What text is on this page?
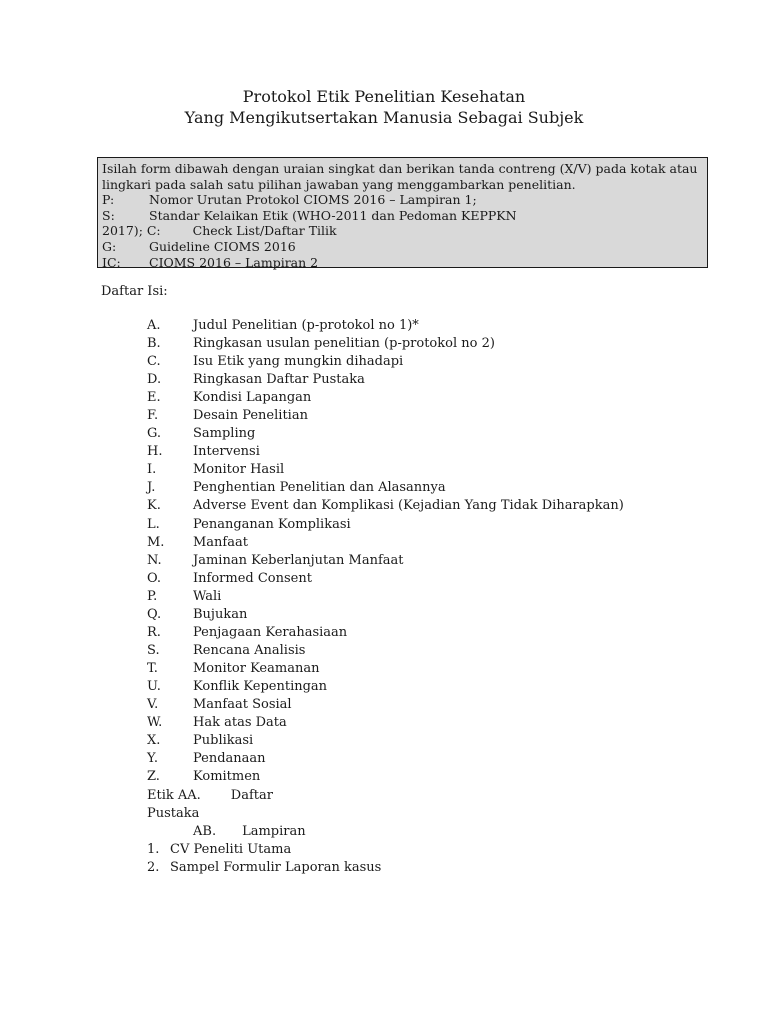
Protokol Etik Penelitian Kesehatan
Yang Mengikutsertakan Manusia Sebagai Subjek
Isilah form dibawah dengan uraian singkat dan berikan tanda contreng (X/V) pada kotak atau
lingkari pada salah satu pilihan jawaban yang menggambarkan penelitian.
P:	Nomor Urutan Protokol CIOMS 2016 – Lampiran 1;
S:	Standar Kelaikan Etik (WHO-2011 dan Pedoman KEPPKN
2017); C:	Check List/Daftar Tilik
G:	Guideline CIOMS 2016
IC: CIOMS 2016 – Lampiran 2
Daftar Isi:
A. Judul Penelitian (p-protokol no 1)*
B. Ringkasan usulan penelitian (p-protokol no 2)
C. Isu Etik yang mungkin dihadapi
D. Ringkasan Daftar Pustaka
E. Kondisi Lapangan
F.	Desain Penelitian
G. Sampling
H. Intervensi
I.	Monitor Hasil
J.	Penghentian Penelitian dan Alasannya
K. Adverse Event dan Komplikasi (Kejadian Yang Tidak Diharapkan)
L.	Penanganan Komplikasi
M. Manfaat
N. Jaminan Keberlanjutan Manfaat
O. Informed Consent
P.	Wali
Q. Bujukan
R. Penjagaan Kerahasiaan
S.	Rencana Analisis
T.	Monitor Keamanan
U. Konflik Kepentingan
V.	Manfaat Sosial
W. Hak atas Data
X.	Publikasi
Y.	Pendanaan
Z.	Komitmen
Etik AA. Daftar
Pustaka
AB. Lampiran
1. CV Peneliti Utama
2. Sampel Formulir Laporan kasus
